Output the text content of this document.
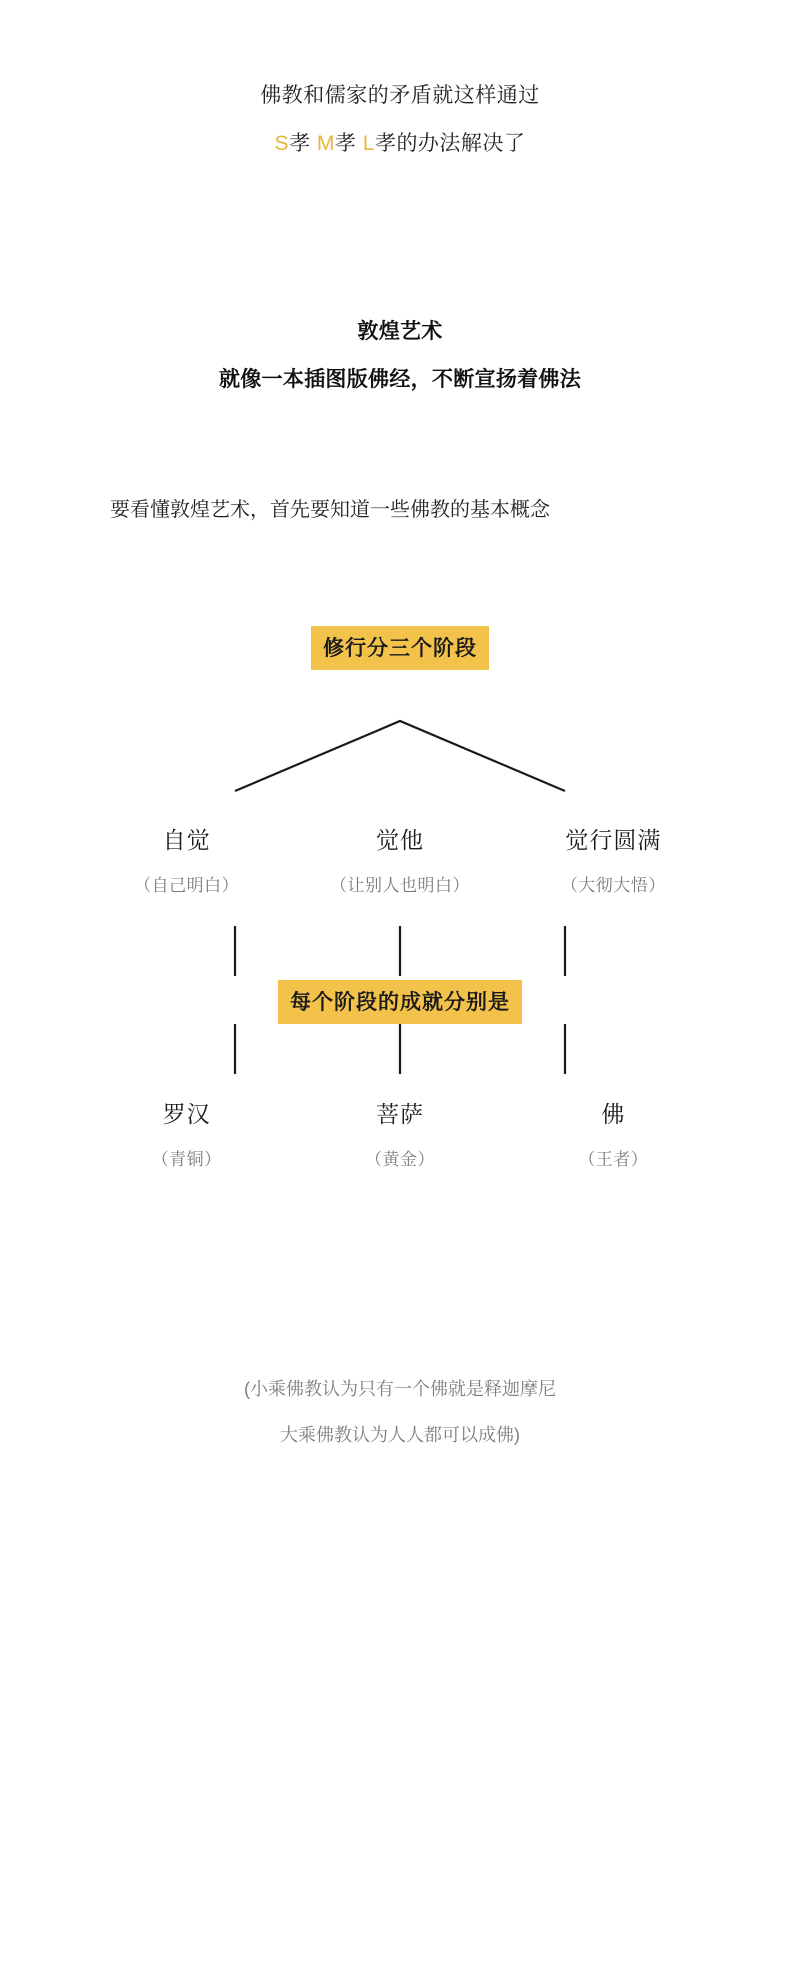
佛教和儒家的矛盾就这样通过
S孝 M孝 L孝的办法解决了
敦煌艺术
就像一本插图版佛经，不断宣扬着佛法
要看懂敦煌艺术，首先要知道一些佛教的基本概念
修行分三个阶段
自觉
（自己明白）
觉他
（让别人也明白）
觉行圆满
（大彻大悟）
每个阶段的成就分别是
罗汉
（青铜）
菩萨
（黄金）
佛
（王者）
(小乘佛教认为只有一个佛就是释迦摩尼
大乘佛教认为人人都可以成佛)
